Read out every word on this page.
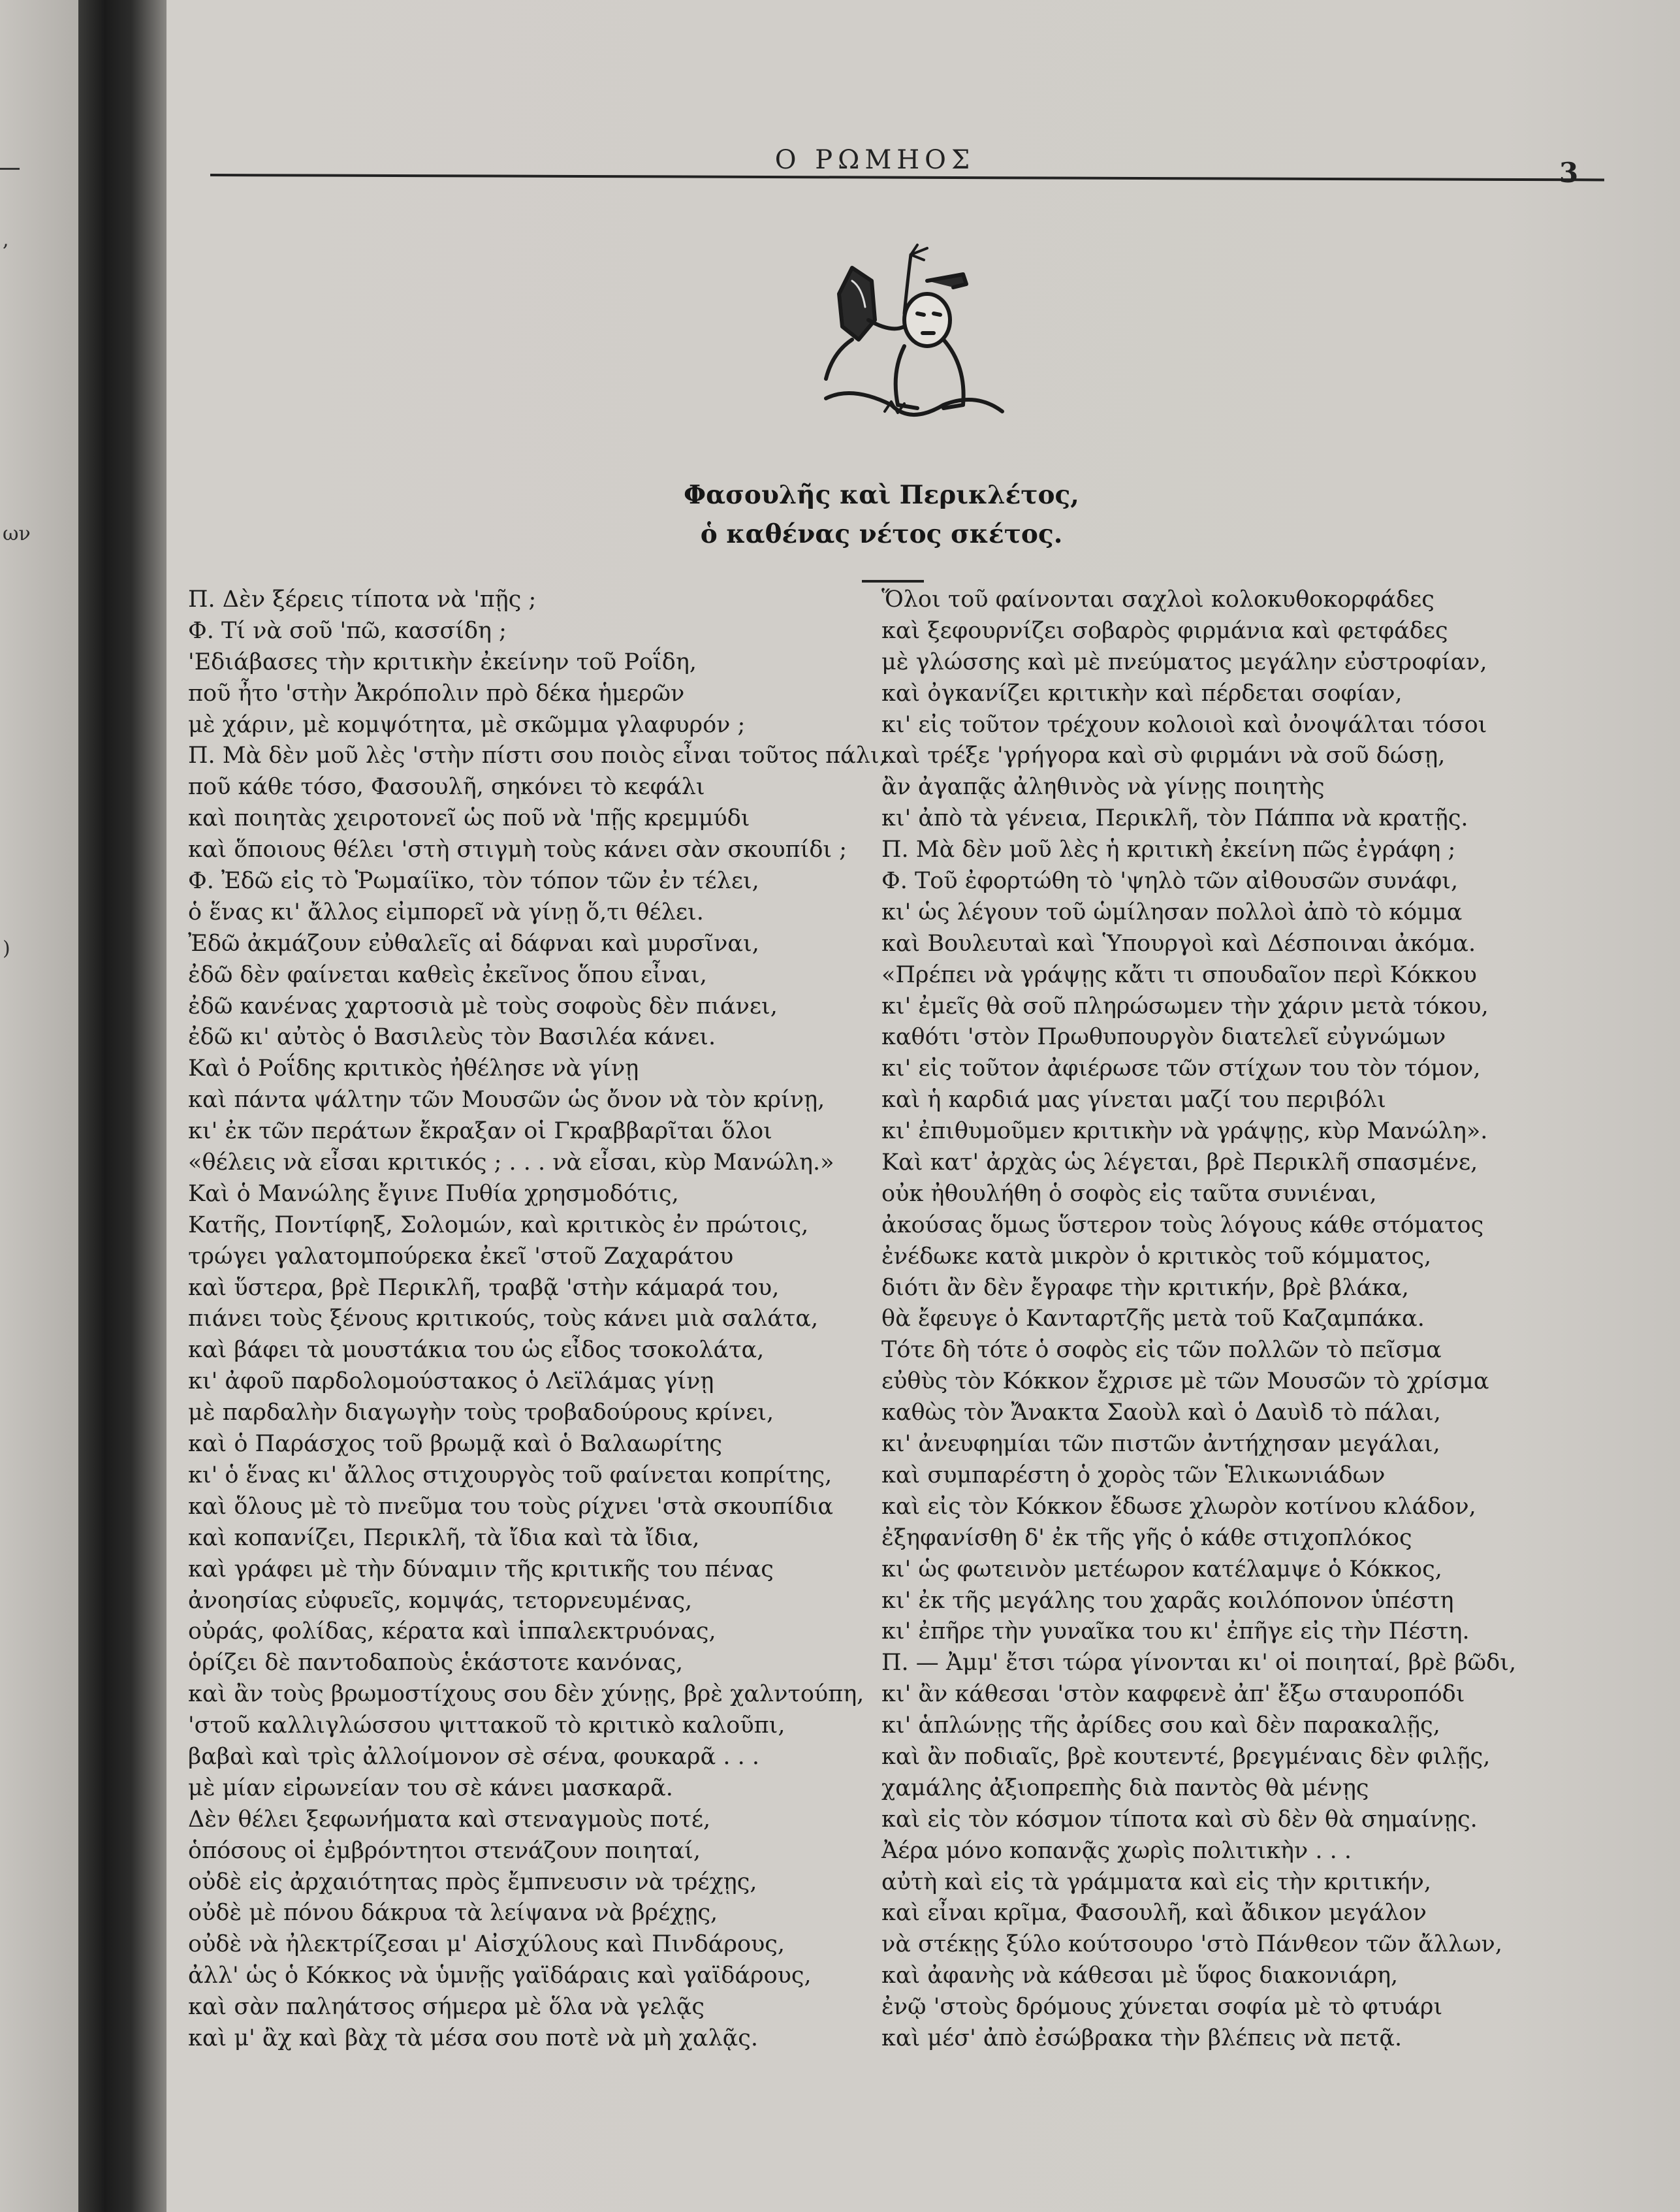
,
ων
)
Ο ΡΩΜΗΟΣ	3
Φασουλῆς καὶ Περικλέτος,
ὁ καθένας νέτος σκέτος.
Π. Δὲν ξέρεις τίποτα νὰ 'πῇς ;
Φ. Τί νὰ σοῦ 'πῶ, κασσίδη ;
'Εδιάβασες τὴν κριτικὴν ἐκείνην τοῦ Ροΐδη,
ποῦ ἦτο 'στὴν Ἀκρόπολιν πρὸ δέκα ἡμερῶν
μὲ χάριν, μὲ κομψότητα, μὲ σκῶμμα γλαφυρόν ;
Π. Μὰ δὲν μοῦ λὲς 'στὴν πίστι σου ποιὸς εἶναι τοῦτος πάλι,
ποῦ κάθε τόσο, Φασουλῆ, σηκόνει τὸ κεφάλι
καὶ ποιητὰς χειροτονεῖ ὡς ποῦ νὰ 'πῇς κρεμμύδι
καὶ ὅποιους θέλει 'στὴ στιγμὴ τοὺς κάνει σὰν σκουπίδι ;
Φ. Ἐδῶ εἰς τὸ Ῥωμαίϊκο, τὸν τόπον τῶν ἐν τέλει,
ὁ ἕνας κι' ἄλλος εἰμπορεῖ νὰ γίνῃ ὅ,τι θέλει.
Ἐδῶ ἀκμάζουν εὐθαλεῖς αἱ δάφναι καὶ μυρσῖναι,
ἐδῶ δὲν φαίνεται καθεὶς ἐκεῖνος ὅπου εἶναι,
ἐδῶ κανένας χαρτοσιὰ μὲ τοὺς σοφοὺς δὲν πιάνει,
ἐδῶ κι' αὐτὸς ὁ Βασιλεὺς τὸν Βασιλέα κάνει.
Καὶ ὁ Ροΐδης κριτικὸς ἠθέλησε νὰ γίνῃ
καὶ πάντα ψάλτην τῶν Μουσῶν ὡς ὄνον νὰ τὸν κρίνῃ,
κι' ἐκ τῶν περάτων ἔκραξαν οἱ Γκραββαρῖται ὅλοι
«θέλεις νὰ εἶσαι κριτικός ; . . . νὰ εἶσαι, κὺρ Μανώλη.»
Καὶ ὁ Μανώλης ἔγινε Πυθία χρησμοδότις,
Κατῆς, Ποντίφηξ, Σολομών, καὶ κριτικὸς ἐν πρώτοις,
τρώγει γαλατομπούρεκα ἐκεῖ 'στοῦ Ζαχαράτου
καὶ ὕστερα, βρὲ Περικλῆ, τραβᾷ 'στὴν κάμαρά του,
πιάνει τοὺς ξένους κριτικούς, τοὺς κάνει μιὰ σαλάτα,
καὶ βάφει τὰ μουστάκια του ὡς εἶδος τσοκολάτα,
κι' ἀφοῦ παρδολομούστακος ὁ Λεϊλάμας γίνῃ
μὲ παρδαλὴν διαγωγὴν τοὺς τροβαδούρους κρίνει,
καὶ ὁ Παράσχος τοῦ βρωμᾷ καὶ ὁ Βαλαωρίτης
κι' ὁ ἕνας κι' ἄλλος στιχουργὸς τοῦ φαίνεται κοπρίτης,
καὶ ὅλους μὲ τὸ πνεῦμα του τοὺς ρίχνει 'στὰ σκουπίδια
καὶ κοπανίζει, Περικλῆ, τὰ ἴδια καὶ τὰ ἴδια,
καὶ γράφει μὲ τὴν δύναμιν τῆς κριτικῆς του πένας
ἀνοησίας εὐφυεῖς, κομψάς, τετορνευμένας,
οὐράς, φολίδας, κέρατα καὶ ἱππαλεκτρυόνας,
ὁρίζει δὲ παντοδαποὺς ἑκάστοτε κανόνας,
καὶ ἂν τοὺς βρωμοστίχους σου δὲν χύνῃς, βρὲ χαλντούπη,
'στοῦ καλλιγλώσσου ψιττακοῦ τὸ κριτικὸ καλοῦπι,
βαβαὶ καὶ τρὶς ἀλλοίμονον σὲ σένα, φουκαρᾶ . . .
μὲ μίαν εἰρωνείαν του σὲ κάνει μασκαρᾶ.
Δὲν θέλει ξεφωνήματα καὶ στεναγμοὺς ποτέ,
ὁπόσους οἱ ἐμβρόντητοι στενάζουν ποιηταί,
οὐδὲ εἰς ἀρχαιότητας πρὸς ἔμπνευσιν νὰ τρέχῃς,
οὐδὲ μὲ πόνου δάκρυα τὰ λείψανα νὰ βρέχῃς,
οὐδὲ νὰ ἠλεκτρίζεσαι μ' Αἰσχύλους καὶ Πινδάρους,
ἀλλ' ὡς ὁ Κόκκος νὰ ὑμνῇς γαϊδάραις καὶ γαϊδάρους,
καὶ σὰν παληάτσος σήμερα μὲ ὅλα νὰ γελᾷς
καὶ μ' ἂχ καὶ βὰχ τὰ μέσα σου ποτὲ νὰ μὴ χαλᾷς.
Ὅλοι τοῦ φαίνονται σαχλοὶ κολοκυθοκορφάδες
καὶ ξεφουρνίζει σοβαρὸς φιρμάνια καὶ φετφάδες
μὲ γλώσσης καὶ μὲ πνεύματος μεγάλην εὐστροφίαν,
καὶ ὀγκανίζει κριτικὴν καὶ πέρδεται σοφίαν,
κι' εἰς τοῦτον τρέχουν κολοιοὶ καὶ ὀνοψάλται τόσοι
καὶ τρέξε 'γρήγορα καὶ σὺ φιρμάνι νὰ σοῦ δώσῃ,
ἂν ἀγαπᾷς ἀληθινὸς νὰ γίνῃς ποιητὴς
κι' ἀπὸ τὰ γένεια, Περικλῆ, τὸν Πάππα νὰ κρατῇς.
Π. Μὰ δὲν μοῦ λὲς ἡ κριτικὴ ἐκείνη πῶς ἐγράφη ;
Φ. Τοῦ ἐφορτώθη τὸ 'ψηλὸ τῶν αἰθουσῶν συνάφι,
κι' ὡς λέγουν τοῦ ὡμίλησαν πολλοὶ ἀπὸ τὸ κόμμα
καὶ Βουλευταὶ καὶ Ὑπουργοὶ καὶ Δέσποιναι ἀκόμα.
«Πρέπει νὰ γράψῃς κἄτι τι σπουδαῖον περὶ Κόκκου
κι' ἐμεῖς θὰ σοῦ πληρώσωμεν τὴν χάριν μετὰ τόκου,
καθότι 'στὸν Πρωθυπουργὸν διατελεῖ εὐγνώμων
κι' εἰς τοῦτον ἀφιέρωσε τῶν στίχων του τὸν τόμον,
καὶ ἡ καρδιά μας γίνεται μαζί του περιβόλι
κι' ἐπιθυμοῦμεν κριτικὴν νὰ γράψῃς, κὺρ Μανώλη».
Καὶ κατ' ἀρχὰς ὡς λέγεται, βρὲ Περικλῆ σπασμένε,
οὐκ ἠθουλήθη ὁ σοφὸς εἰς ταῦτα συνιέναι,
ἀκούσας ὅμως ὕστερον τοὺς λόγους κάθε στόματος
ἐνέδωκε κατὰ μικρὸν ὁ κριτικὸς τοῦ κόμματος,
διότι ἂν δὲν ἔγραφε τὴν κριτικήν, βρὲ βλάκα,
θὰ ἔφευγε ὁ Κανταρτζῆς μετὰ τοῦ Καζαμπάκα.
Τότε δὴ τότε ὁ σοφὸς εἰς τῶν πολλῶν τὸ πεῖσμα
εὐθὺς τὸν Κόκκον ἔχρισε μὲ τῶν Μουσῶν τὸ χρίσμα
καθὼς τὸν Ἄνακτα Σαοὺλ καὶ ὁ Δαυὶδ τὸ πάλαι,
κι' ἀνευφημίαι τῶν πιστῶν ἀντήχησαν μεγάλαι,
καὶ συμπαρέστη ὁ χορὸς τῶν Ἑλικωνιάδων
καὶ εἰς τὸν Κόκκον ἔδωσε χλωρὸν κοτίνου κλάδον,
ἐξηφανίσθη δ' ἐκ τῆς γῆς ὁ κάθε στιχοπλόκος
κι' ὡς φωτεινὸν μετέωρον κατέλαμψε ὁ Κόκκος,
κι' ἐκ τῆς μεγάλης του χαρᾶς κοιλόπονον ὑπέστη
κι' ἐπῆρε τὴν γυναῖκα του κι' ἐπῆγε εἰς τὴν Πέστη.
Π. — Ἀμμ' ἔτσι τώρα γίνονται κι' οἱ ποιηταί, βρὲ βῶδι,
κι' ἂν κάθεσαι 'στὸν καφφενὲ ἀπ' ἔξω σταυροπόδι
κι' ἁπλώνῃς τῆς ἀρίδες σου καὶ δὲν παρακαλῇς,
καὶ ἂν ποδιαῖς, βρὲ κουτεντέ, βρεγμέναις δὲν φιλῇς,
χαμάλης ἀξιοπρεπὴς διὰ παντὸς θὰ μένῃς
καὶ εἰς τὸν κόσμον τίποτα καὶ σὺ δὲν θὰ σημαίνῃς.
Ἀέρα μόνο κοπανᾷς χωρὶς πολιτικὴν . . .
αὐτὴ καὶ εἰς τὰ γράμματα καὶ εἰς τὴν κριτικήν,
καὶ εἶναι κρῖμα, Φασουλῆ, καὶ ἄδικον μεγάλον
νὰ στέκῃς ξύλο κούτσουρο 'στὸ Πάνθεον τῶν ἄλλων,
καὶ ἀφανὴς νὰ κάθεσαι μὲ ὕφος διακονιάρη,
ἐνῷ 'στοὺς δρόμους χύνεται σοφία μὲ τὸ φτυάρι
καὶ μέσ' ἀπὸ ἐσώβρακα τὴν βλέπεις νὰ πετᾷ.
